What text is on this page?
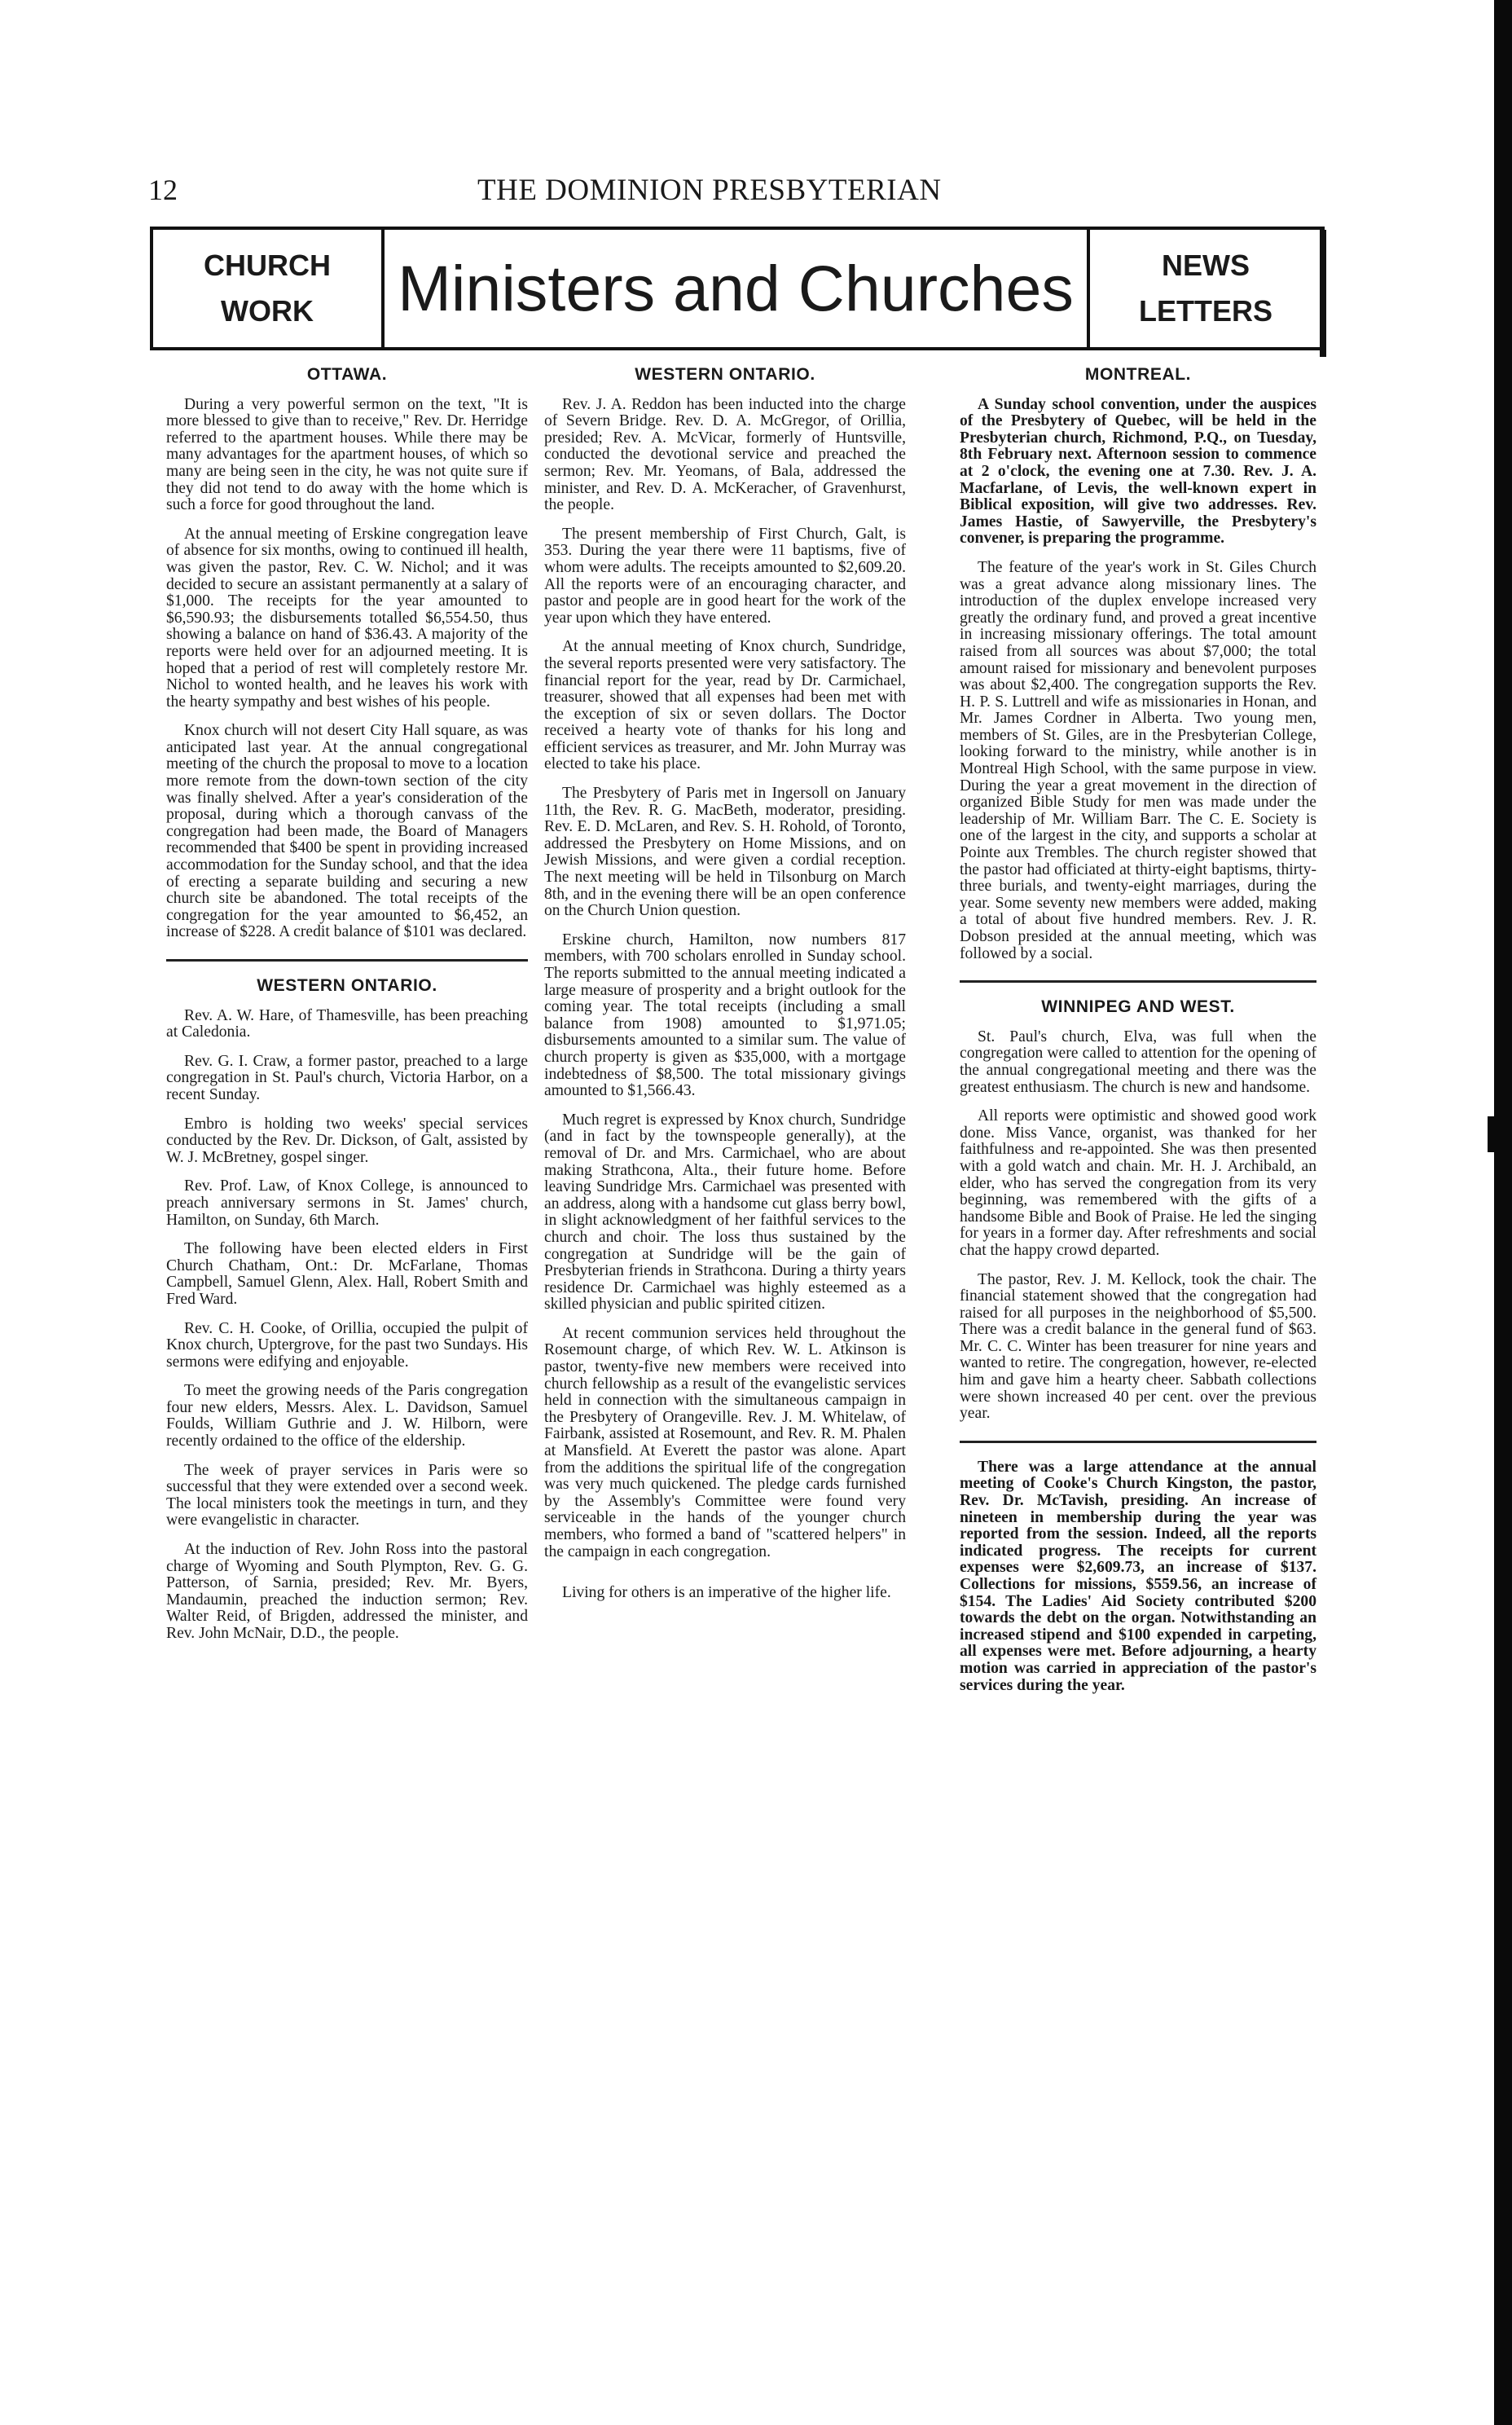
12	THE DOMINION PRESBYTERIAN
CHURCH
WORK Ministers and Churches	NEWS
LETTERS
OTTAWA.

During a very powerful sermon on the text, "It is more blessed to give than to receive," Rev. Dr. Herridge referred to the apartment houses. While there may be many advantages for the apartment houses, of which so many are being seen in the city, he was not quite sure if they did not tend to do away with the home which is such a force for good throughout the land.

At the annual meeting of Erskine congregation leave of absence for six months, owing to continued ill health, was given the pastor, Rev. C. W. Nichol; and it was decided to secure an assistant permanently at a salary of $1,000. The receipts for the year amounted to $6,590.93; the disbursements totalled $6,554.50, thus showing a balance on hand of $36.43. A majority of the reports were held over for an adjourned meeting. It is hoped that a period of rest will completely restore Mr. Nichol to wonted health, and he leaves his work with the hearty sympathy and best wishes of his people.

Knox church will not desert City Hall square, as was anticipated last year. At the annual congregational meeting of the church the proposal to move to a location more remote from the down-town section of the city was finally shelved. After a year's consideration of the proposal, during which a thorough canvass of the congregation had been made, the Board of Managers recommended that $400 be spent in providing increased accommodation for the Sunday school, and that the idea of erecting a separate building and securing a new church site be abandoned. The total receipts of the congregation for the year amounted to $6,452, an increase of $228. A credit balance of $101 was declared.

WESTERN ONTARIO.

Rev. A. W. Hare, of Thamesville, has been preaching at Caledonia.

Rev. G. I. Craw, a former pastor, preached to a large congregation in St. Paul's church, Victoria Harbor, on a recent Sunday.

Embro is holding two weeks' special services conducted by the Rev. Dr. Dickson, of Galt, assisted by W. J. McBretney, gospel singer.

Rev. Prof. Law, of Knox College, is announced to preach anniversary sermons in St. James' church, Hamilton, on Sunday, 6th March.

The following have been elected elders in First Church Chatham, Ont.: Dr. McFarlane, Thomas Campbell, Samuel Glenn, Alex. Hall, Robert Smith and Fred Ward.

Rev. C. H. Cooke, of Orillia, occupied the pulpit of Knox church, Uptergrove, for the past two Sundays. His sermons were edifying and enjoyable.

To meet the growing needs of the Paris congregation four new elders, Messrs. Alex. L. Davidson, Samuel Foulds, William Guthrie and J. W. Hilborn, were recently ordained to the office of the eldership.

The week of prayer services in Paris were so successful that they were extended over a second week. The local ministers took the meetings in turn, and they were evangelistic in character.

At the induction of Rev. John Ross into the pastoral charge of Wyoming and South Plympton, Rev. G. G. Patterson, of Sarnia, presided; Rev. Mr. Byers, Mandaumin, preached the induction sermon; Rev. Walter Reid, of Brigden, addressed the minister, and Rev. John McNair, D.D., the people.

WESTERN ONTARIO.

Rev. J. A. Reddon has been inducted into the charge of Severn Bridge. Rev. D. A. McGregor, of Orillia, presided; Rev. A. McVicar, formerly of Huntsville, conducted the devotional service and preached the sermon; Rev. Mr. Yeomans, of Bala, addressed the minister, and Rev. D. A. McKeracher, of Gravenhurst, the people.

The present membership of First Church, Galt, is 353. During the year there were 11 baptisms, five of whom were adults. The receipts amounted to $2,609.20. All the reports were of an encouraging character, and pastor and people are in good heart for the work of the year upon which they have entered.

At the annual meeting of Knox church, Sundridge, the several reports presented were very satisfactory. The financial report for the year, read by Dr. Carmichael, treasurer, showed that all expenses had been met with the exception of six or seven dollars. The Doctor received a hearty vote of thanks for his long and efficient services as treasurer, and Mr. John Murray was elected to take his place.

The Presbytery of Paris met in Ingersoll on January 11th, the Rev. R. G. MacBeth, moderator, presiding. Rev. E. D. McLaren, and Rev. S. H. Rohold, of Toronto, addressed the Presbytery on Home Missions, and on Jewish Missions, and were given a cordial reception. The next meeting will be held in Tilsonburg on March 8th, and in the evening there will be an open conference on the Church Union question.

Erskine church, Hamilton, now numbers 817 members, with 700 scholars enrolled in Sunday school. The reports submitted to the annual meeting indicated a large measure of prosperity and a bright outlook for the coming year. The total receipts (including a small balance from 1908) amounted to $1,971.05; disbursements amounted to a similar sum. The value of church property is given as $35,000, with a mortgage indebtedness of $8,500. The total missionary givings amounted to $1,566.43.

Much regret is expressed by Knox church, Sundridge (and in fact by the townspeople generally), at the removal of Dr. and Mrs. Carmichael, who are about making Strathcona, Alta., their future home. Before leaving Sundridge Mrs. Carmichael was presented with an address, along with a handsome cut glass berry bowl, in slight acknowledgment of her faithful services to the church and choir. The loss thus sustained by the congregation at Sundridge will be the gain of Presbyterian friends in Strathcona. During a thirty years residence Dr. Carmichael was highly esteemed as a skilled physician and public spirited citizen.

At recent communion services held throughout the Rosemount charge, of which Rev. W. L. Atkinson is pastor, twenty-five new members were received into church fellowship as a result of the evangelistic services held in connection with the simultaneous campaign in the Presbytery of Orangeville. Rev. J. M. Whitelaw, of Fairbank, assisted at Rosemount, and Rev. R. M. Phalen at Mansfield. At Everett the pastor was alone. Apart from the additions the spiritual life of the congregation was very much quickened. The pledge cards furnished by the Assembly's Committee were found very serviceable in the hands of the younger church members, who formed a band of "scattered helpers" in the campaign in each congregation.

Living for others is an imperative of the higher life.

MONTREAL.

A Sunday school convention, under the auspices of the Presbytery of Quebec, will be held in the Presbyterian church, Richmond, P.Q., on Tuesday, 8th February next. Afternoon session to commence at 2 o'clock, the evening one at 7.30. Rev. J. A. Macfarlane, of Levis, the well-known expert in Biblical exposition, will give two addresses. Rev. James Hastie, of Sawyerville, the Presbytery's convener, is preparing the programme.

The feature of the year's work in St. Giles Church was a great advance along missionary lines. The introduction of the duplex envelope increased very greatly the ordinary fund, and proved a great incentive in increasing missionary offerings. The total amount raised from all sources was about $7,000; the total amount raised for missionary and benevolent purposes was about $2,400. The congregation supports the Rev. H. P. S. Luttrell and wife as missionaries in Honan, and Mr. James Cordner in Alberta. Two young men, members of St. Giles, are in the Presbyterian College, looking forward to the ministry, while another is in Montreal High School, with the same purpose in view. During the year a great movement in the direction of organized Bible Study for men was made under the leadership of Mr. William Barr. The C. E. Society is one of the largest in the city, and supports a scholar at Pointe aux Trembles. The church register showed that the pastor had officiated at thirty-eight baptisms, thirty-three burials, and twenty-eight marriages, during the year. Some seventy new members were added, making a total of about five hundred members. Rev. J. R. Dobson presided at the annual meeting, which was followed by a social.

WINNIPEG AND WEST.

St. Paul's church, Elva, was full when the congregation were called to attention for the opening of the annual congregational meeting and there was the greatest enthusiasm. The church is new and handsome.

All reports were optimistic and showed good work done. Miss Vance, organist, was thanked for her faithfulness and re-appointed. She was then presented with a gold watch and chain. Mr. H. J. Archibald, an elder, who has served the congregation from its very beginning, was remembered with the gifts of a handsome Bible and Book of Praise. He led the singing for years in a former day. After refreshments and social chat the happy crowd departed.

The pastor, Rev. J. M. Kellock, took the chair. The financial statement showed that the congregation had raised for all purposes in the neighborhood of $5,500. There was a credit balance in the general fund of $63. Mr. C. C. Winter has been treasurer for nine years and wanted to retire. The congregation, however, re-elected him and gave him a hearty cheer. Sabbath collections were shown increased 40 per cent. over the previous year.

There was a large attendance at the annual meeting of Cooke's Church Kingston, the pastor, Rev. Dr. McTavish, presiding. An increase of nineteen in membership during the year was reported from the session. Indeed, all the reports indicated progress. The receipts for current expenses were $2,609.73, an increase of $137. Collections for missions, $559.56, an increase of $154. The Ladies' Aid Society contributed $200 towards the debt on the organ. Notwithstanding an increased stipend and $100 expended in carpeting, all expenses were met. Before adjourning, a hearty motion was carried in appreciation of the pastor's services during the year.
